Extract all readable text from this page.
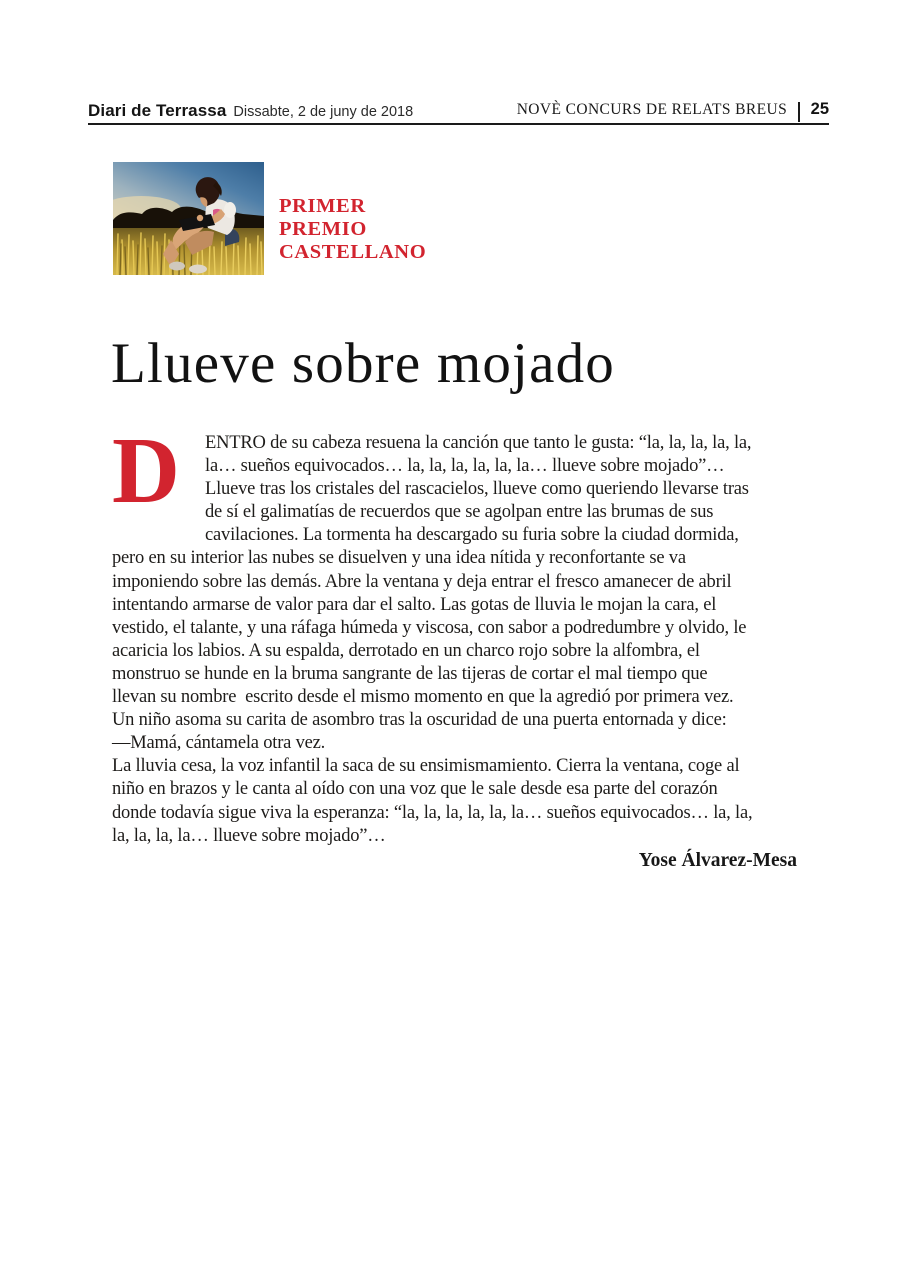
Diari de Terrassa Dissabte, 2 de juny de 2018	NOVÈ CONCURS DE RELATS BREUS 25
PRIMER
PREMIO
CASTELLANO
Llueve sobre mojado
D	ENTRO de su cabeza resuena la canción que tanto le gusta: “la, la, la, la, la,
la… sueños equivocados… la, la, la, la, la, la… llueve sobre mojado”…
Llueve tras los cristales del rascacielos, llueve como queriendo llevarse tras
de sí el galimatías de recuerdos que se agolpan entre las brumas de sus
cavilaciones. La tormenta ha descargado su furia sobre la ciudad dormida,
pero en su interior las nubes se disuelven y una idea nítida y reconfortante se va
imponiendo sobre las demás. Abre la ventana y deja entrar el fresco amanecer de abril
intentando armarse de valor para dar el salto. Las gotas de lluvia le mojan la cara, el
vestido, el talante, y una ráfaga húmeda y viscosa, con sabor a podredumbre y olvido, le
acaricia los labios. A su espalda, derrotado en un charco rojo sobre la alfombra, el
monstruo se hunde en la bruma sangrante de las tijeras de cortar el mal tiempo que
llevan su nombre  escrito desde el mismo momento en que la agredió por primera vez.
Un niño asoma su carita de asombro tras la oscuridad de una puerta entornada y dice:
—Mamá, cántamela otra vez.
La lluvia cesa, la voz infantil la saca de su ensimismamiento. Cierra la ventana, coge al
niño en brazos y le canta al oído con una voz que le sale desde esa parte del corazón
donde todavía sigue viva la esperanza: “la, la, la, la, la, la… sueños equivocados… la, la,
la, la, la, la… llueve sobre mojado”…
Yose Álvarez-Mesa
